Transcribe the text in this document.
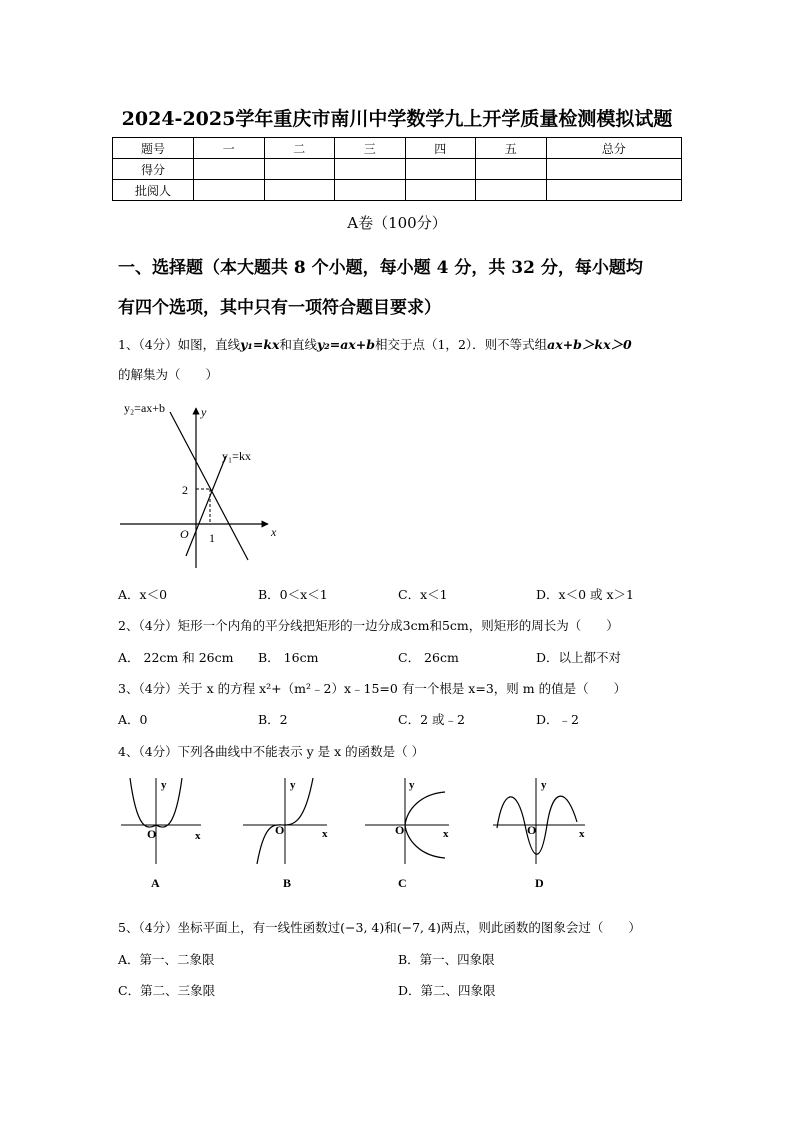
2024-2025学年重庆市南川中学数学九上开学质量检测模拟试题
题号	一	二	三	四	五	总分
得分						
批阅人						
A卷（100分）
一、选择题（本大题共 8 个小题，每小题 4 分，共 32 分，每小题均
有四个选项，其中只有一项符合题目要求）
1、（4分）如图，直线y₁=kx和直线y₂=ax+b相交于点（1，2）．则不等式组ax+b＞kx＞0
的解集为（　　）
y₂=ax+b	y
y₁=kx
2
O 1	x
A．x＜0	B．0＜x＜1	C．x＜1	D．x＜0 或 x＞1
2、（4分）矩形一个内角的平分线把矩形的一边分成3cm和5cm，则矩形的周长为（　　）
A． 22cm 和 26cm B． 16cm	C． 26cm	D．以上都不对
3、（4分）关于 x 的方程 x²+（m²﹣2）x﹣15=0 有一个根是 x=3，则 m 的值是（　　）
A．0	B．2	C．2 或﹣2	D．﹣2
4、（4分）下列各曲线中不能表示 y 是 x 的函数是（ ）
y
O	x
A
y
O	x
B
y
O	x
C
y
O	x
D
5、（4分）坐标平面上，有一线性函数过(−3, 4)和(−7, 4)两点，则此函数的图象会过（　　）
A．第一、二象限	B．第一、四象限
C．第二、三象限	D．第二、四象限
